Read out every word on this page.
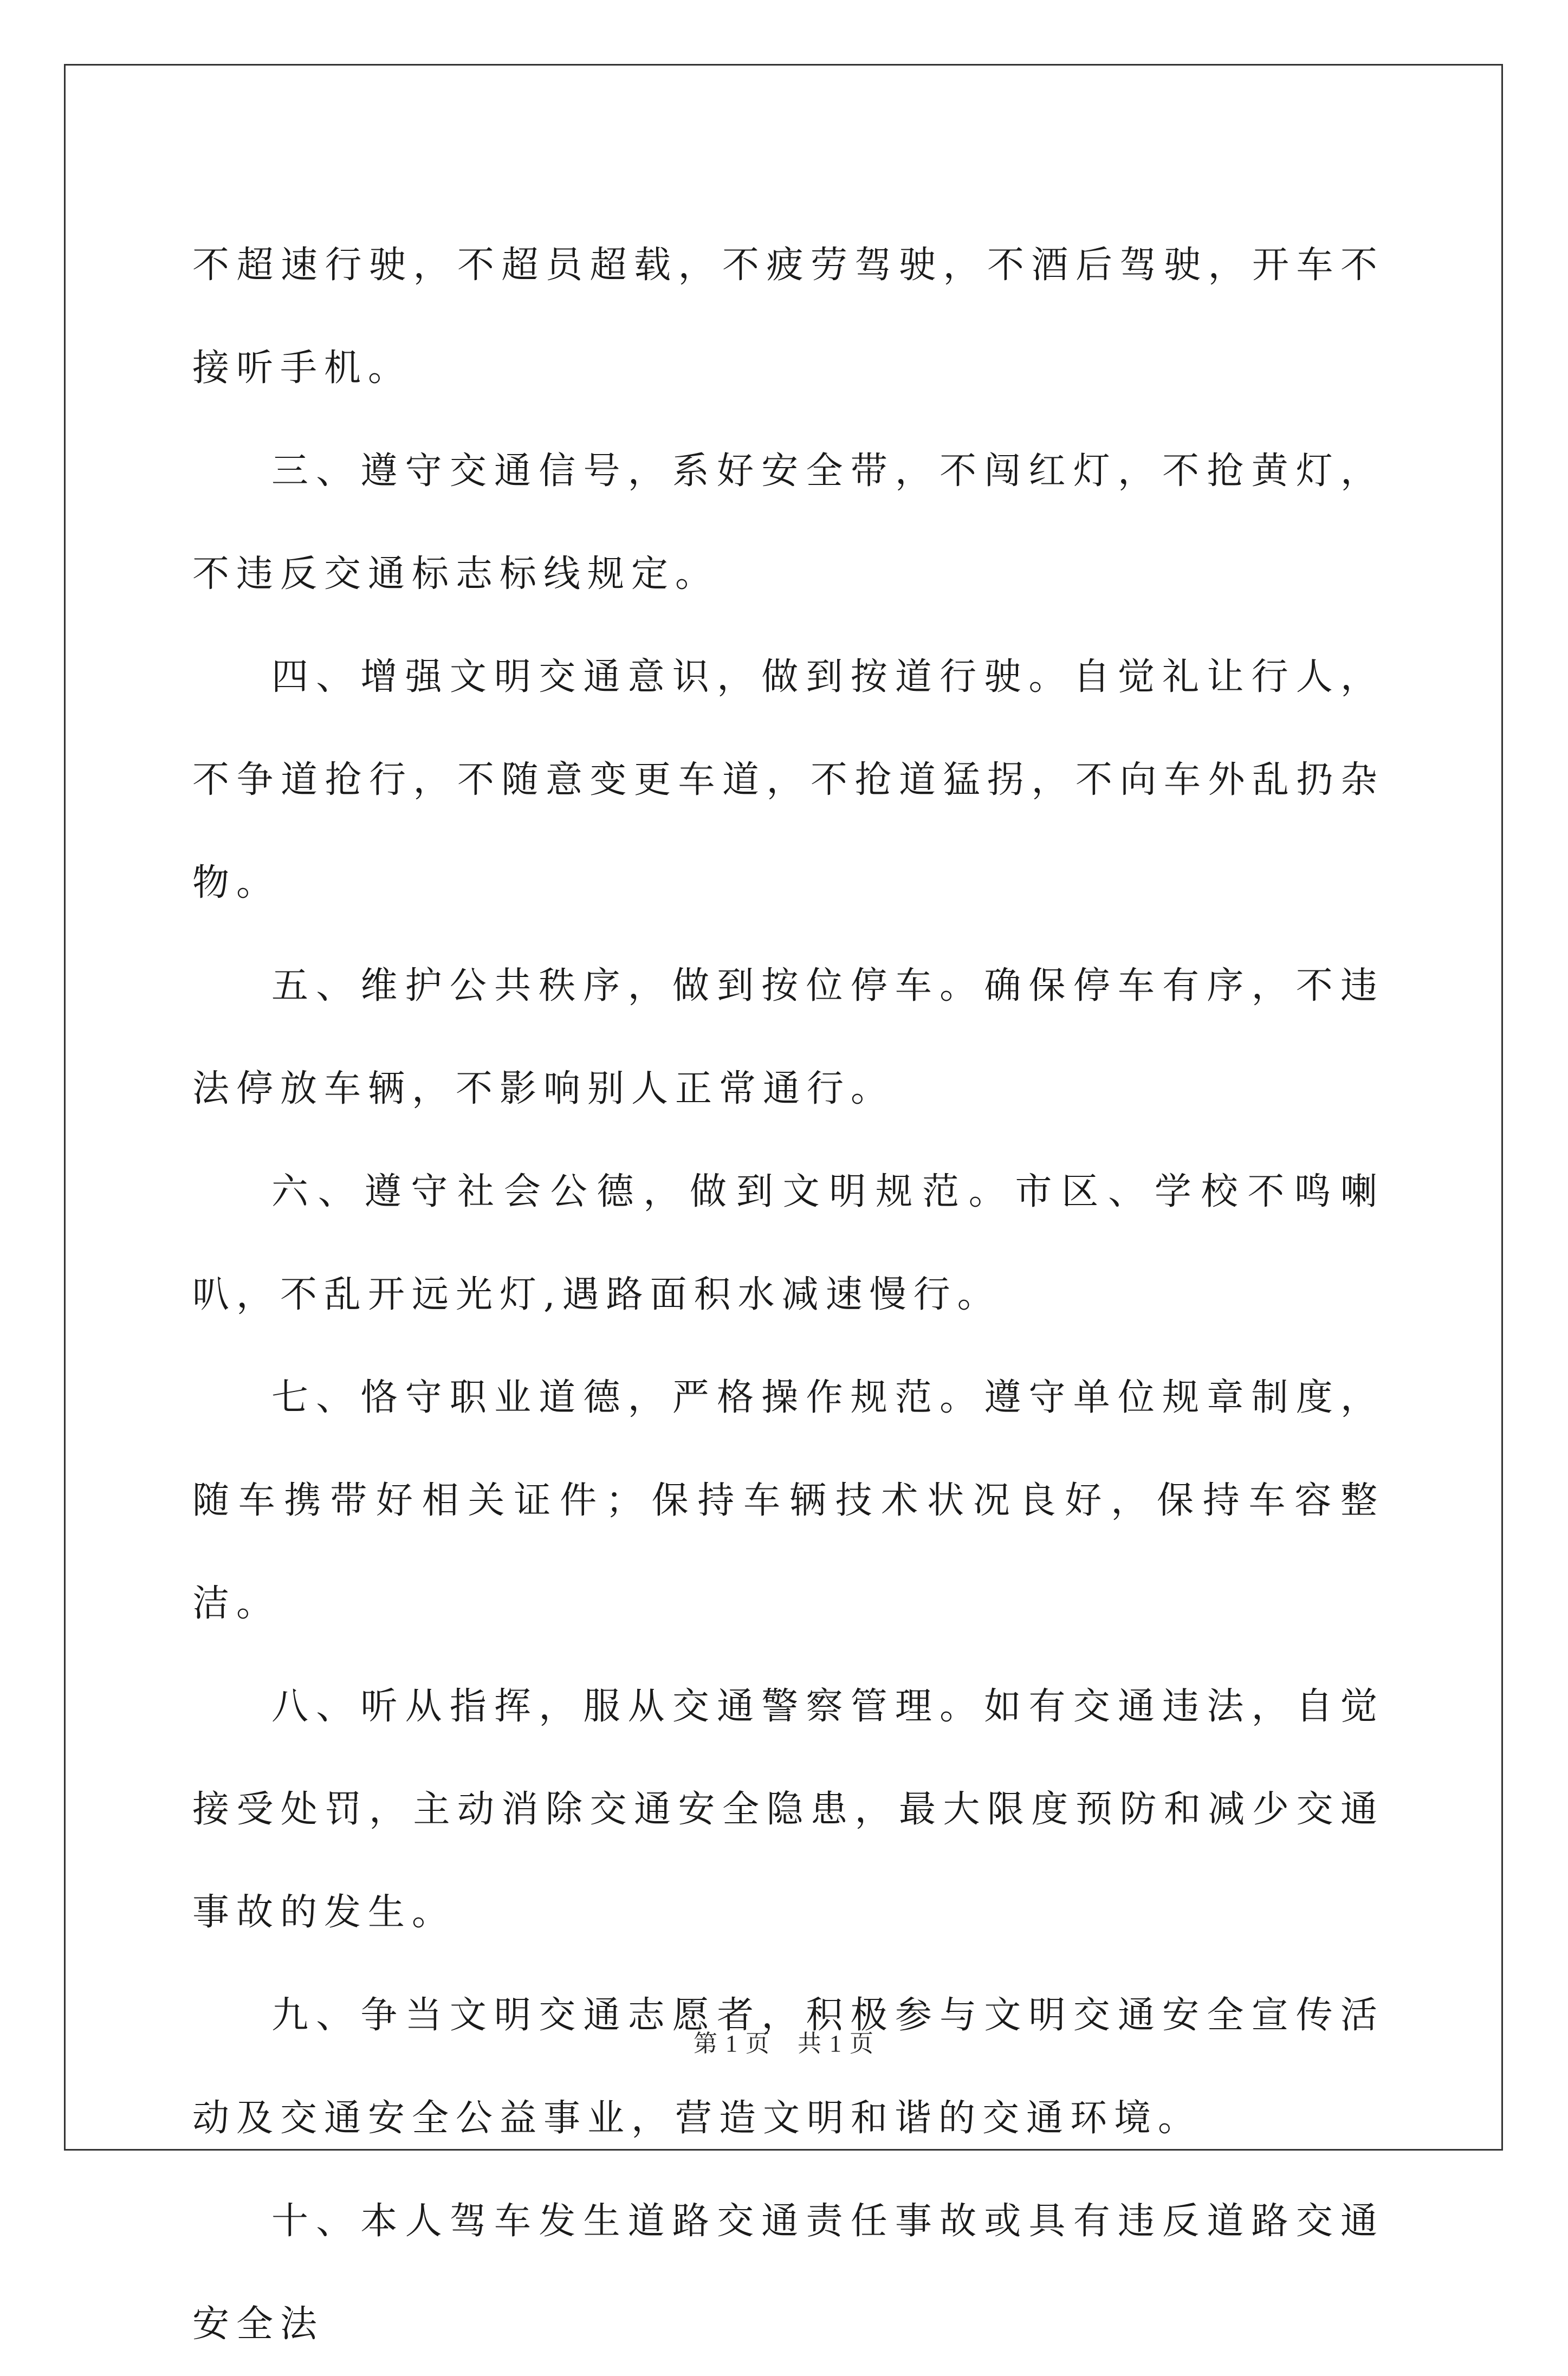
不超速行驶，不超员超载，不疲劳驾驶，不酒后驾驶，开车不接听手机。

三、遵守交通信号，系好安全带，不闯红灯，不抢黄灯，不违反交通标志标线规定。

四、增强文明交通意识，做到按道行驶。自觉礼让行人，不争道抢行，不随意变更车道，不抢道猛拐，不向车外乱扔杂物。

五、维护公共秩序，做到按位停车。确保停车有序，不违法停放车辆，不影响别人正常通行。

六、遵守社会公德，做到文明规范。市区、学校不鸣喇叭，不乱开远光灯,遇路面积水减速慢行。

七、恪守职业道德，严格操作规范。遵守单位规章制度，随车携带好相关证件；保持车辆技术状况良好，保持车容整洁。

八、听从指挥，服从交通警察管理。如有交通违法，自觉接受处罚，主动消除交通安全隐患，最大限度预防和减少交通事故的发生。

九、争当文明交通志愿者，积极参与文明交通安全宣传活动及交通安全公益事业，营造文明和谐的交通环境。

十、本人驾车发生道路交通责任事故或具有违反道路交通安全法

第 1 页 共 1 页
